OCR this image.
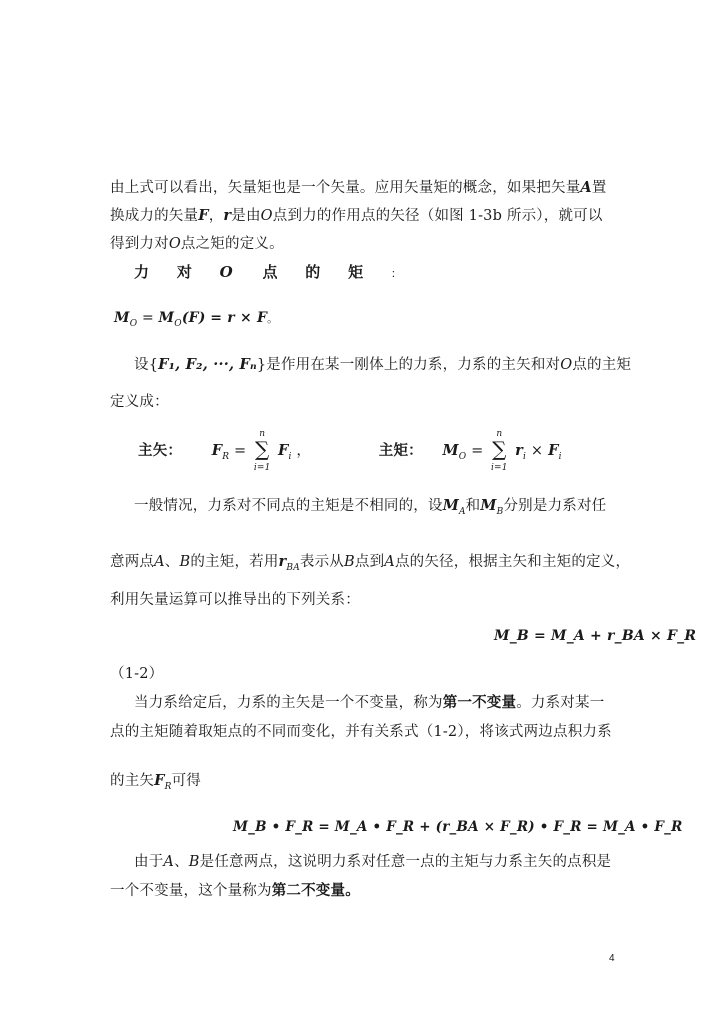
由上式可以看出，矢量矩也是一个矢量。应用矢量矩的概念，如果把矢量A置
换成力的矢量F，r是由O点到力的作用点的矢径（如图 1-3b 所示），就可以
得到力对O点之矩的定义。
力 对 O 点 的 矩	：
$M_O = M_O(F) = r \times F$。
设{F₁, F₂, ···, Fₙ}是作用在某一刚体上的力系，力系的主矢和对O点的主矩
定义成：
主矢： $F_R$ =
n
∑
i=1
$F_i$ ，	主矩： $M_O$ =
n
∑
i=1
$r_i \times F_i$
一般情况，力系对不同点的主矩是不相同的，设$M_A$和$M_B$分别是力系对任
意两点A、B的主矩，若用$r_{BA}$表示从B点到A点的矢径，根据主矢和主矩的定义，
利用矢量运算可以推导出的下列关系：
M_B = M_A + r_BA × F_R
（1-2）
当力系给定后，力系的主矢是一个不变量，称为第一不变量。力系对某一
点的主矩随着取矩点的不同而变化，并有关系式（1-2），将该式两边点积力系
的主矢$F_R$可得
M_B • F_R = M_A • F_R + (r_BA × F_R) • F_R = M_A • F_R
由于A、B是任意两点，这说明力系对任意一点的主矩与力系主矢的点积是
一个不变量，这个量称为第二不变量。
4
